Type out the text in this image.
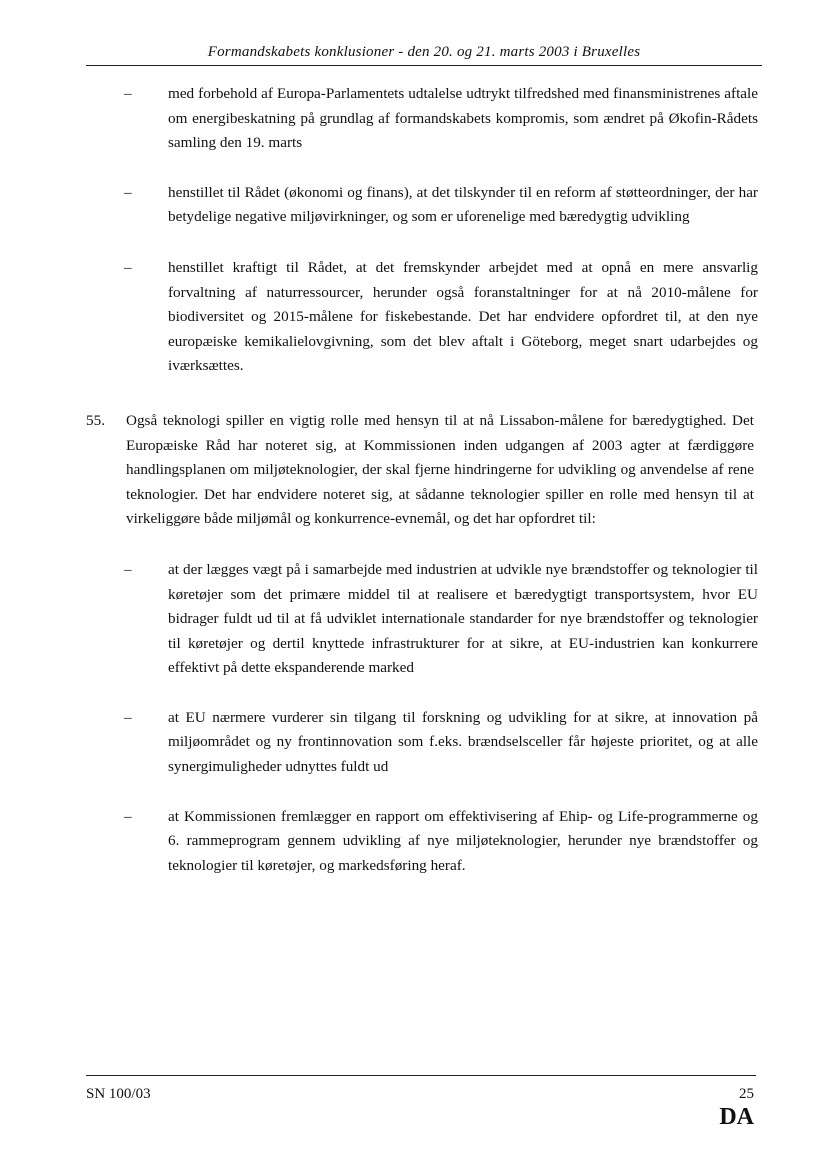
Formandskabets konklusioner - den 20. og 21. marts 2003 i Bruxelles
– med forbehold af Europa-Parlamentets udtalelse udtrykt tilfredshed med finansministrenes aftale om energibeskatning på grundlag af formandskabets kompromis, som ændret på Økofin-Rådets samling den 19. marts
– henstillet til Rådet (økonomi og finans), at det tilskynder til en reform af støtteordninger, der har betydelige negative miljøvirkninger, og som er uforenelige med bæredygtig udvikling
– henstillet kraftigt til Rådet, at det fremskynder arbejdet med at opnå en mere ansvarlig forvaltning af naturressourcer, herunder også foranstaltninger for at nå 2010-målene for biodiversitet og 2015-målene for fiskebestande. Det har endvidere opfordret til, at den nye europæiske kemikalielovgivning, som det blev aftalt i Göteborg, meget snart udarbejdes og iværksættes.
55. Også teknologi spiller en vigtig rolle med hensyn til at nå Lissabon-målene for bæredygtighed. Det Europæiske Råd har noteret sig, at Kommissionen inden udgangen af 2003 agter at færdiggøre handlingsplanen om miljøteknologier, der skal fjerne hindringerne for udvikling og anvendelse af rene teknologier. Det har endvidere noteret sig, at sådanne teknologier spiller en rolle med hensyn til at virkeliggøre både miljømål og konkurrence-evnemål, og det har opfordret til:
– at der lægges vægt på i samarbejde med industrien at udvikle nye brændstoffer og teknologier til køretøjer som det primære middel til at realisere et bæredygtigt transportsystem, hvor EU bidrager fuldt ud til at få udviklet internationale standarder for nye brændstoffer og teknologier til køretøjer og dertil knyttede infrastrukturer for at sikre, at EU-industrien kan konkurrere effektivt på dette ekspanderende marked
– at EU nærmere vurderer sin tilgang til forskning og udvikling for at sikre, at innovation på miljøområdet og ny frontinnovation som f.eks. brændselsceller får højeste prioritet, og at alle synergimuligheder udnyttes fuldt ud
– at Kommissionen fremlægger en rapport om effektivisering af Ehip- og Life-programmerne og 6. rammeprogram gennem udvikling af nye miljøteknologier, herunder nye brændstoffer og teknologier til køretøjer, og markedsføring heraf.
SN 100/03	25
DA
